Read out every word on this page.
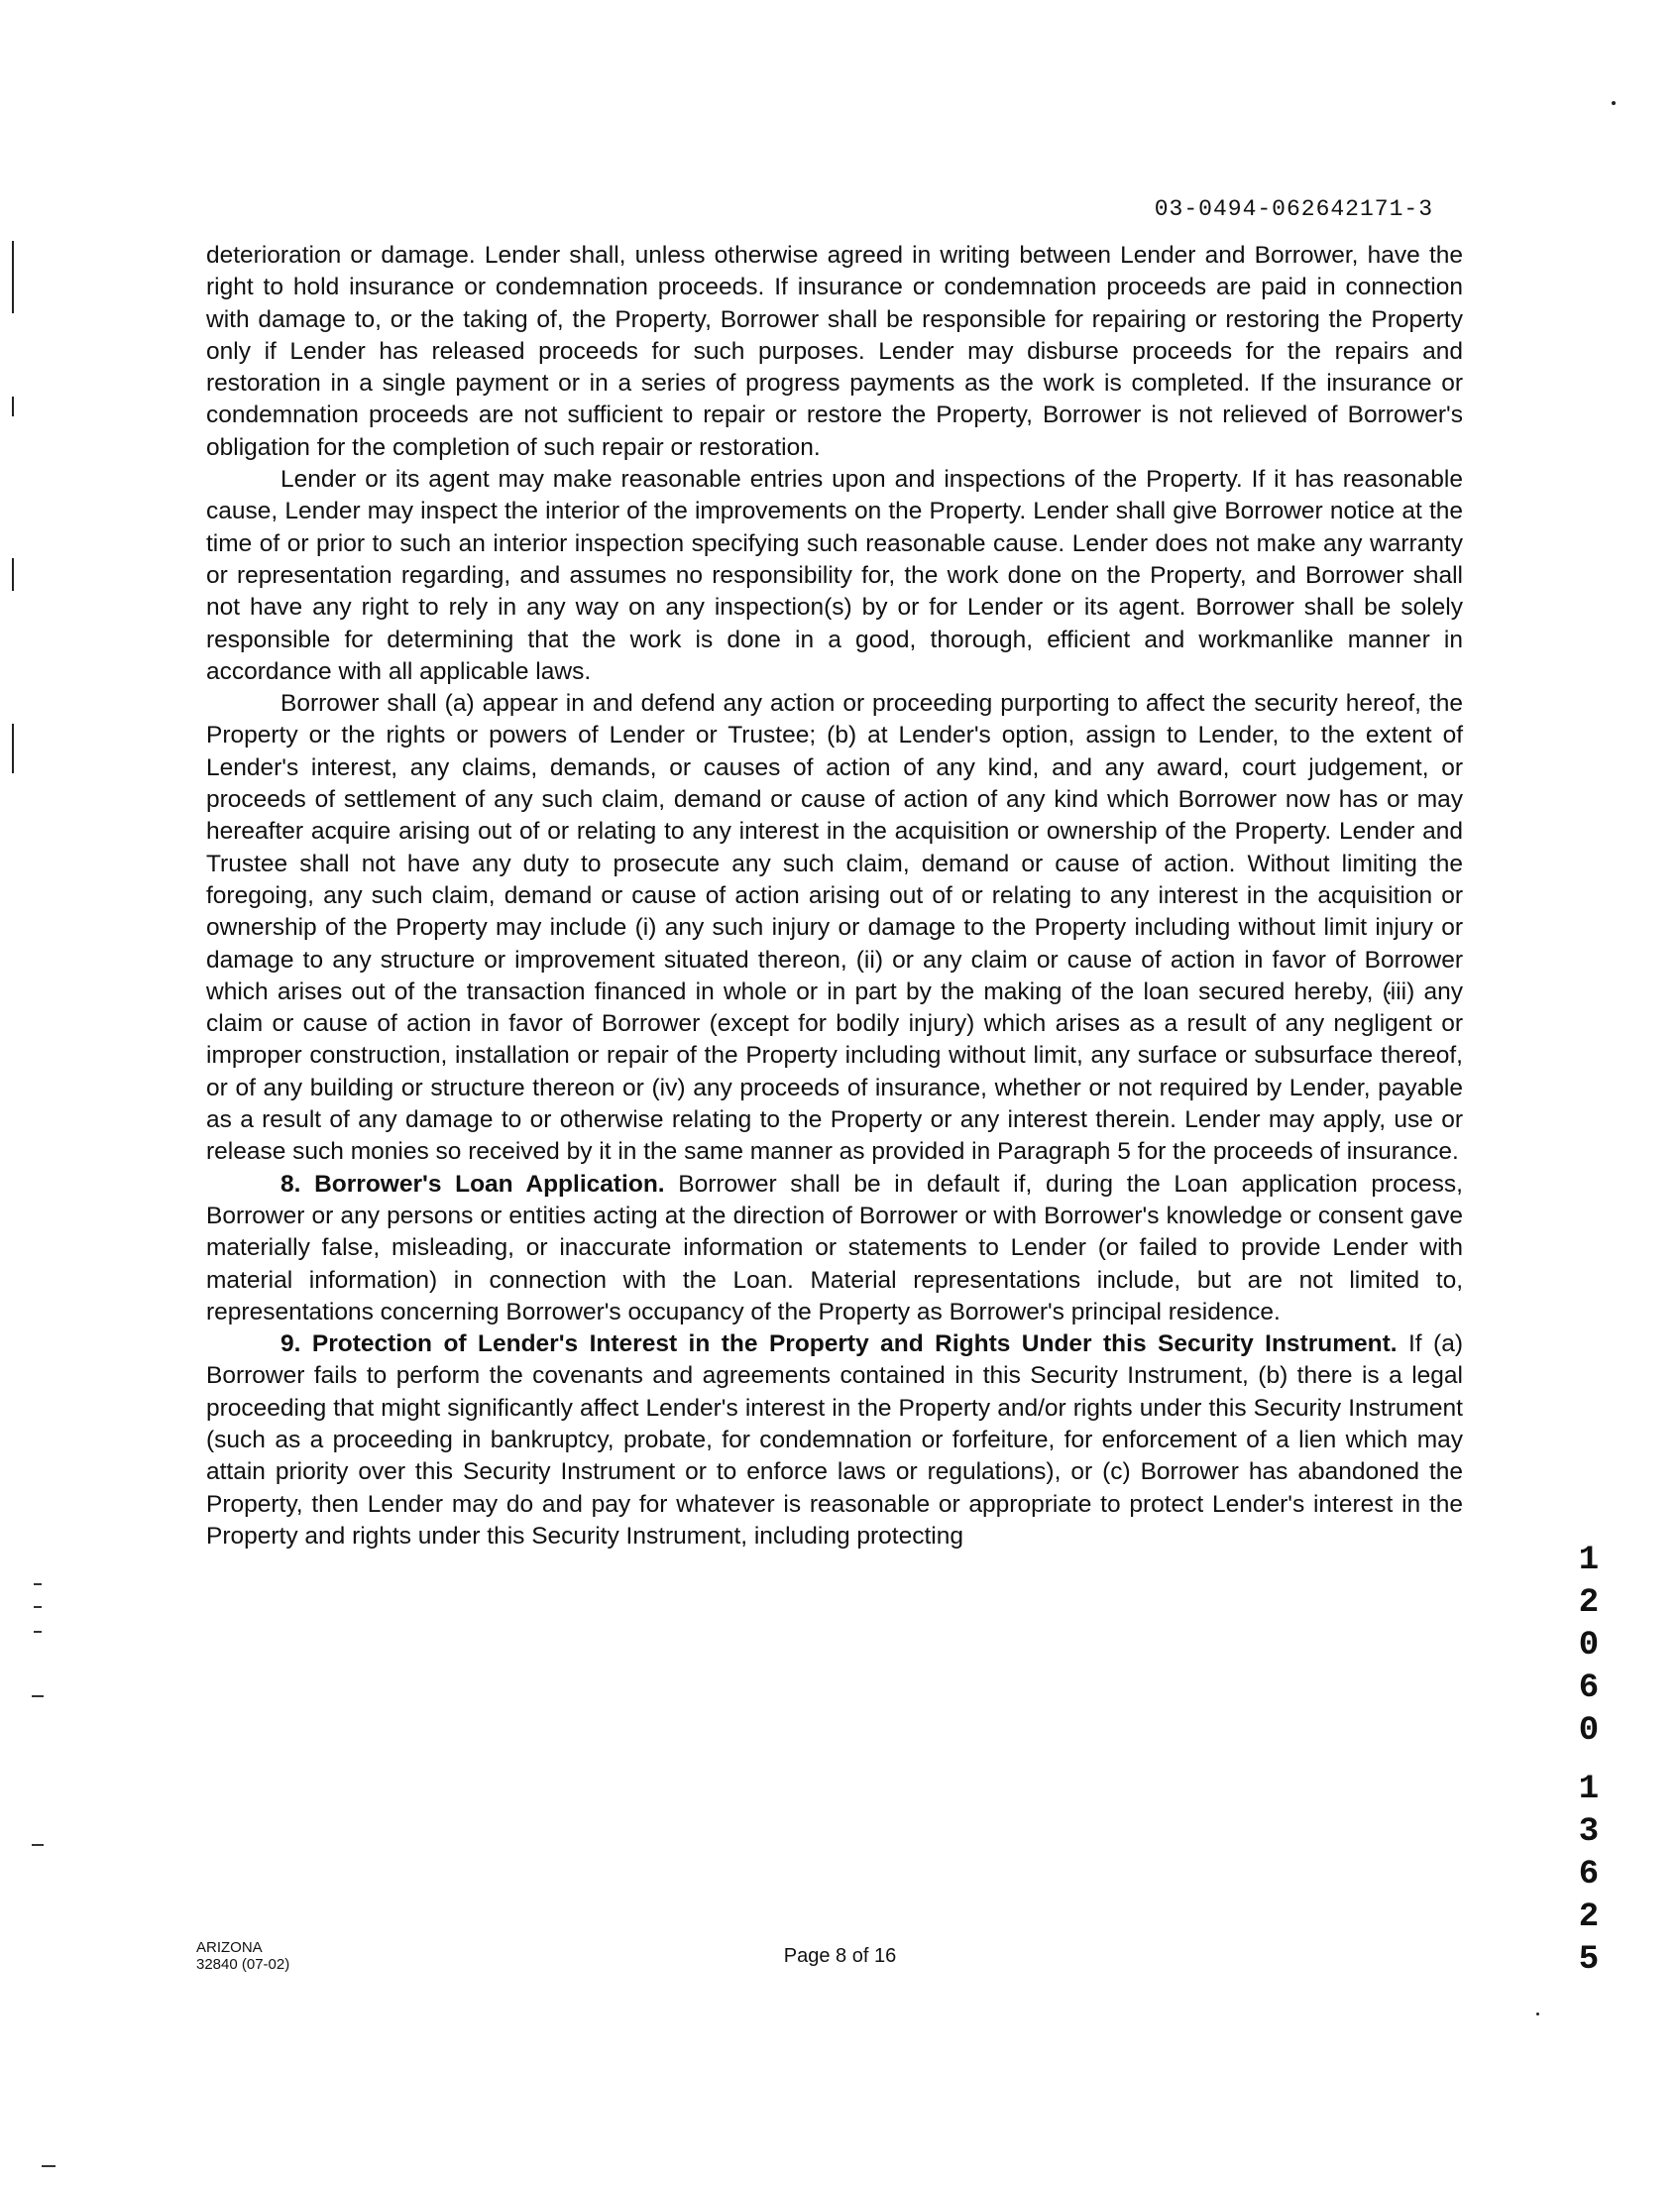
03-0494-062642171-3

deterioration or damage. Lender shall, unless otherwise agreed in writing between Lender and Borrower, have the right to hold insurance or condemnation proceeds. If insurance or condemnation proceeds are paid in connection with damage to, or the taking of, the Property, Borrower shall be responsible for repairing or restoring the Property only if Lender has released proceeds for such purposes. Lender may disburse proceeds for the repairs and restoration in a single payment or in a series of progress payments as the work is completed. If the insurance or condemnation proceeds are not sufficient to repair or restore the Property, Borrower is not relieved of Borrower's obligation for the completion of such repair or restoration.

Lender or its agent may make reasonable entries upon and inspections of the Property. If it has reasonable cause, Lender may inspect the interior of the improvements on the Property. Lender shall give Borrower notice at the time of or prior to such an interior inspection specifying such reasonable cause. Lender does not make any warranty or representation regarding, and assumes no responsibility for, the work done on the Property, and Borrower shall not have any right to rely in any way on any inspection(s) by or for Lender or its agent. Borrower shall be solely responsible for determining that the work is done in a good, thorough, efficient and workmanlike manner in accordance with all applicable laws.

Borrower shall (a) appear in and defend any action or proceeding purporting to affect the security hereof, the Property or the rights or powers of Lender or Trustee; (b) at Lender's option, assign to Lender, to the extent of Lender's interest, any claims, demands, or causes of action of any kind, and any award, court judgement, or proceeds of settlement of any such claim, demand or cause of action of any kind which Borrower now has or may hereafter acquire arising out of or relating to any interest in the acquisition or ownership of the Property. Lender and Trustee shall not have any duty to prosecute any such claim, demand or cause of action. Without limiting the foregoing, any such claim, demand or cause of action arising out of or relating to any interest in the acquisition or ownership of the Property may include (i) any such injury or damage to the Property including without limit injury or damage to any structure or improvement situated thereon, (ii) or any claim or cause of action in favor of Borrower which arises out of the transaction financed in whole or in part by the making of the loan secured hereby, (iii) any claim or cause of action in favor of Borrower (except for bodily injury) which arises as a result of any negligent or improper construction, installation or repair of the Property including without limit, any surface or subsurface thereof, or of any building or structure thereon or (iv) any proceeds of insurance, whether or not required by Lender, payable as a result of any damage to or otherwise relating to the Property or any interest therein. Lender may apply, use or release such monies so received by it in the same manner as provided in Paragraph 5 for the proceeds of insurance.

8. Borrower's Loan Application. Borrower shall be in default if, during the Loan application process, Borrower or any persons or entities acting at the direction of Borrower or with Borrower's knowledge or consent gave materially false, misleading, or inaccurate information or statements to Lender (or failed to provide Lender with material information) in connection with the Loan. Material representations include, but are not limited to, representations concerning Borrower's occupancy of the Property as Borrower's principal residence.

9. Protection of Lender's Interest in the Property and Rights Under this Security Instrument. If (a) Borrower fails to perform the covenants and agreements contained in this Security Instrument, (b) there is a legal proceeding that might significantly affect Lender's interest in the Property and/or rights under this Security Instrument (such as a proceeding in bankruptcy, probate, for condemnation or forfeiture, for enforcement of a lien which may attain priority over this Security Instrument or to enforce laws or regulations), or (c) Borrower has abandoned the Property, then Lender may do and pay for whatever is reasonable or appropriate to protect Lender's interest in the Property and rights under this Security Instrument, including protecting

ARIZONA
32840 (07-02)	Page 8 of 16
1
2
0
6
0
1
3
6
2
5
